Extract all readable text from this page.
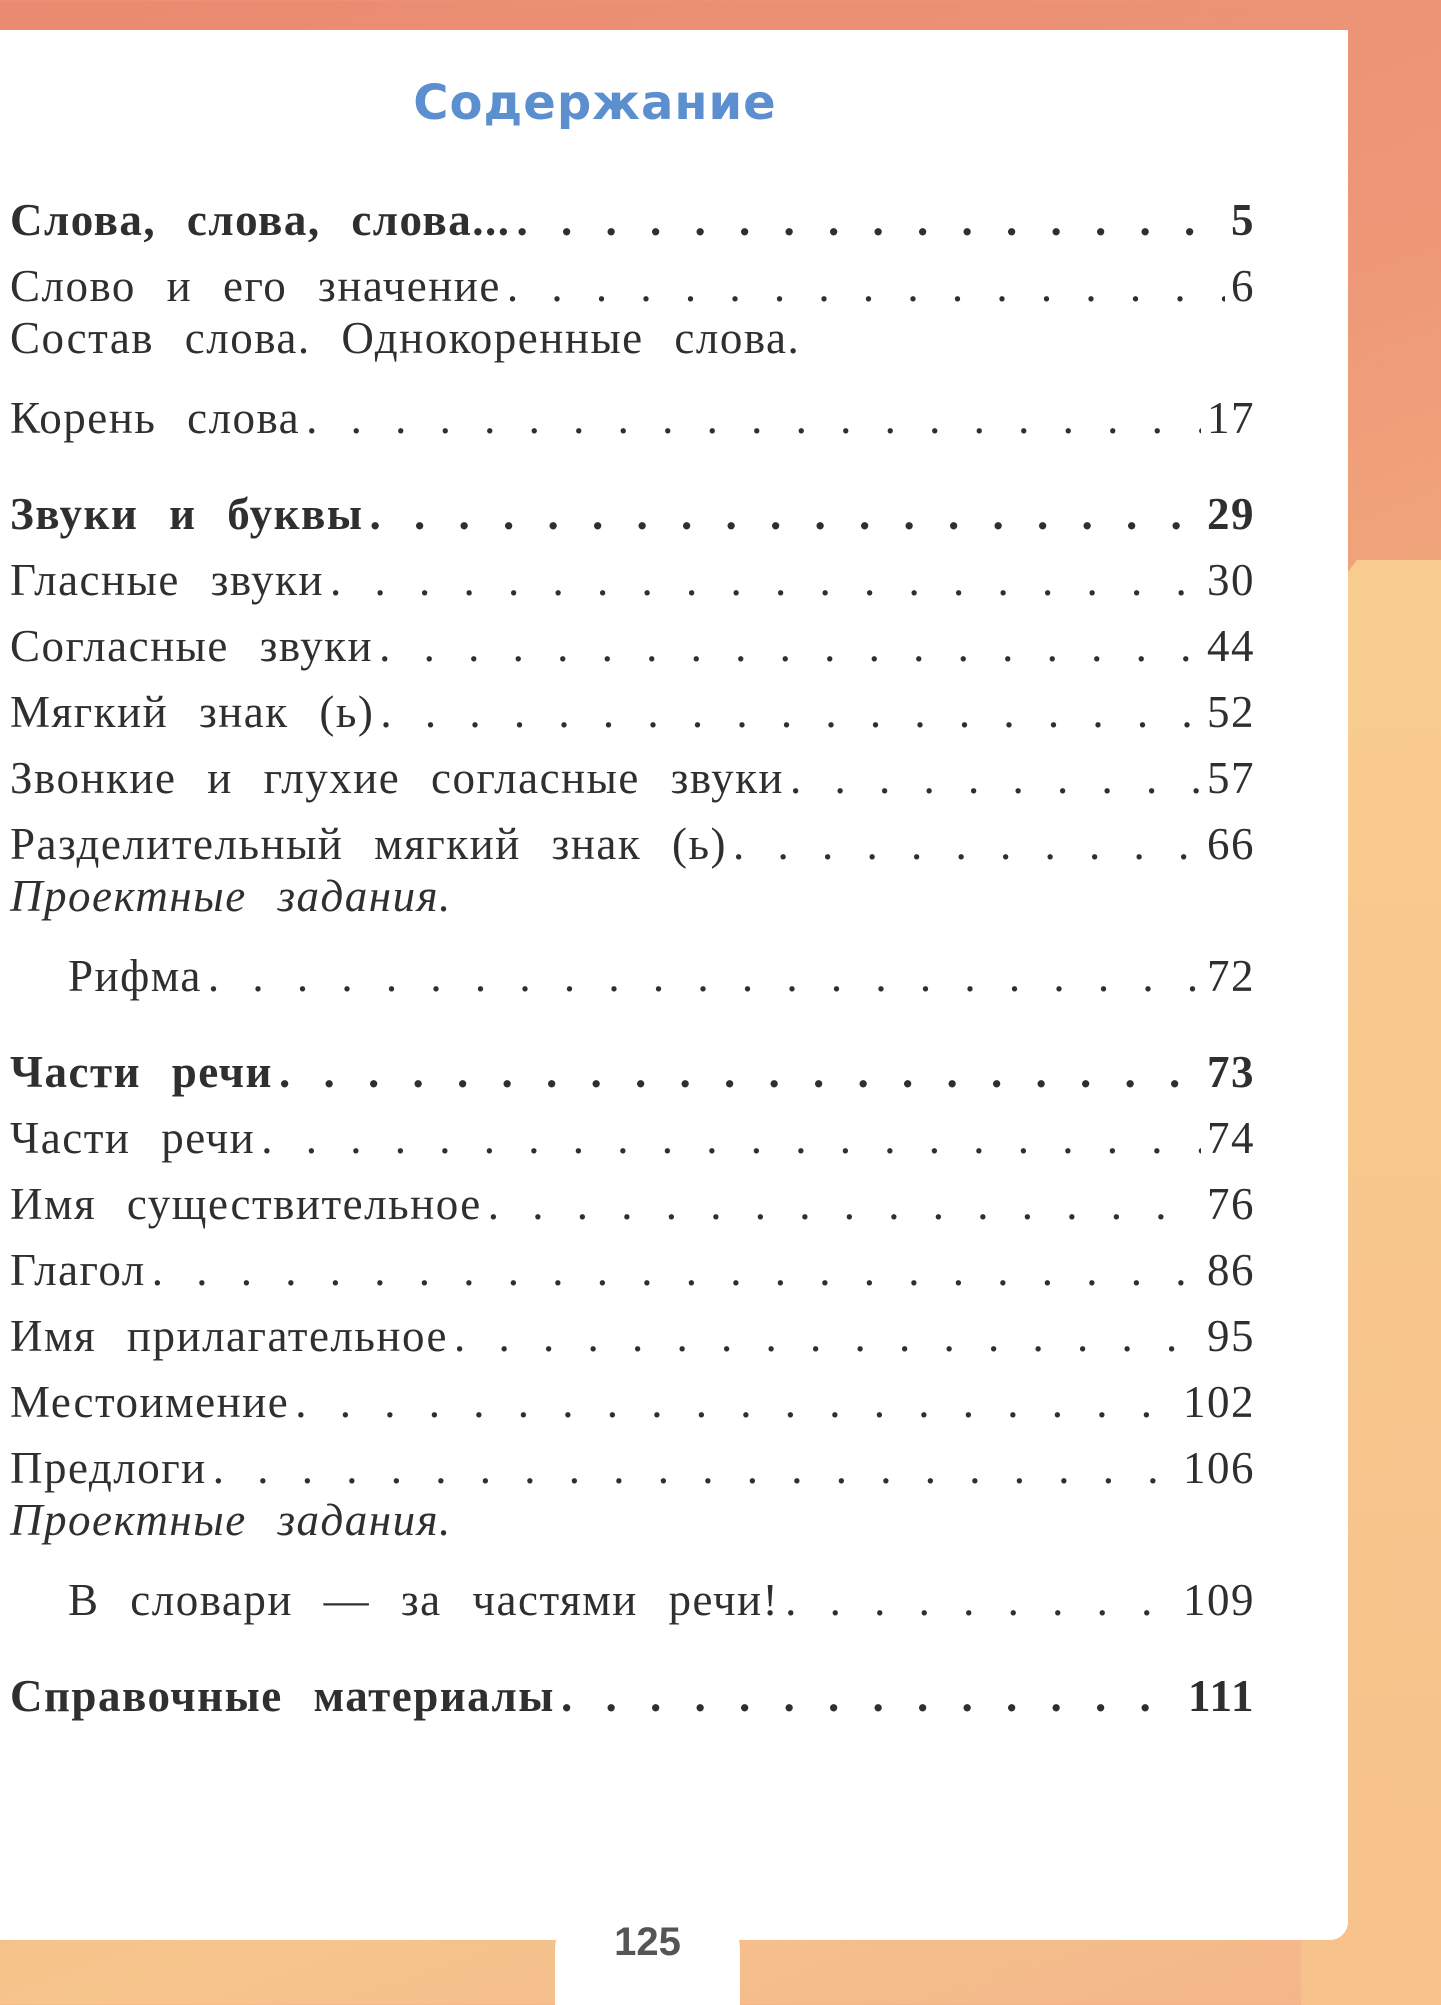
125
Содержание
Слова, слова, слова... . . .	5
Слово и его значение . . .	6
Состав слова. Однокоренные слова.
Корень слова . . .	17
Звуки и буквы . . .	29
Гласные звуки . . .	30
Согласные звуки . . .	44
Мягкий знак (ь) . . .	52
Звонкие и глухие согласные звуки . . .	57
Разделительный мягкий знак (ь) . . .	66
Проектные задания.
Рифма . . .	72
Части речи . . .	73
Части речи . . .	74
Имя существительное . . .	76
Глагол . . .	86
Имя прилагательное . . .	95
Местоимение . . .	102
Предлоги . . .	106
Проектные задания.
В словари — за частями речи! . . .	109
Справочные материалы . . .	111
